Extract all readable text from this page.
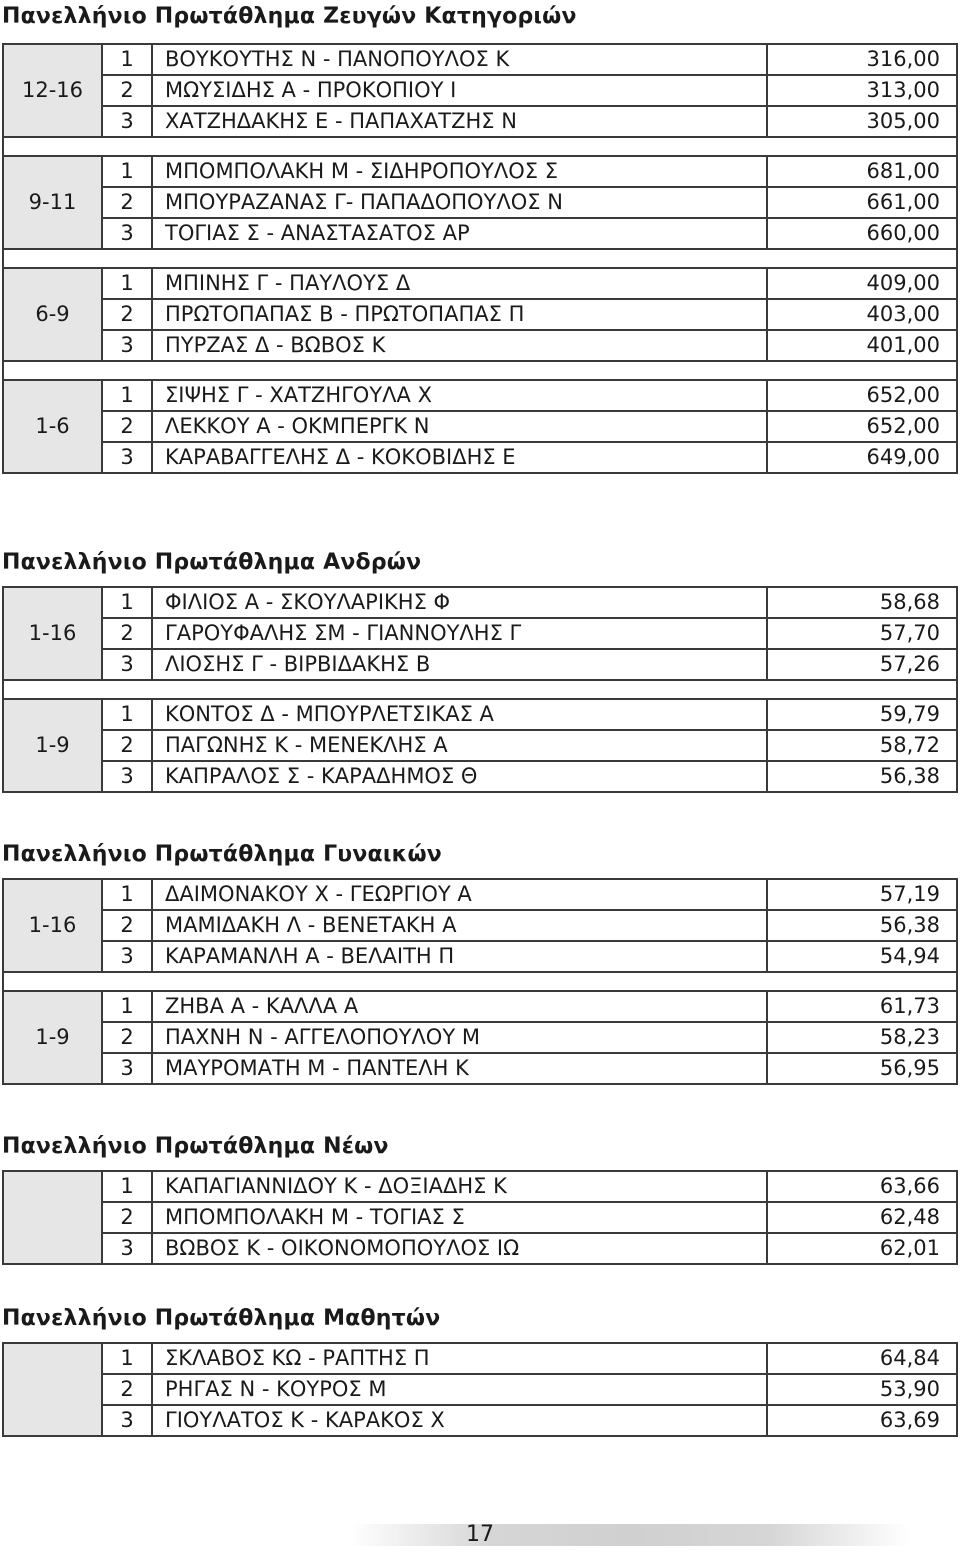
Πανελλήνιο Πρωτάθλημα Ζευγών Κατηγοριών
12-16	1	ΒΟΥΚΟΥΤΗΣ Ν - ΠΑΝΟΠΟΥΛΟΣ Κ	316,00
	2	ΜΩΥΣΙΔΗΣ Α - ΠΡΟΚΟΠΙΟΥ Ι	313,00
	3	ΧΑΤΖΗΔΑΚΗΣ Ε - ΠΑΠΑΧΑΤΖΗΣ Ν	305,00

9-11	1	ΜΠΟΜΠΟΛΑΚΗ Μ - ΣΙΔΗΡΟΠΟΥΛΟΣ Σ	681,00
	2	ΜΠΟΥΡΑΖΑΝΑΣ Γ- ΠΑΠΑΔΟΠΟΥΛΟΣ Ν	661,00
	3	ΤΟΓΙΑΣ Σ - ΑΝΑΣΤΑΣΑΤΟΣ ΑΡ	660,00

6-9	1	ΜΠΙΝΗΣ Γ - ΠΑΥΛΟΥΣ Δ	409,00
	2	ΠΡΩΤΟΠΑΠΑΣ Β - ΠΡΩΤΟΠΑΠΑΣ Π	403,00
	3	ΠΥΡΖΑΣ Δ - ΒΩΒΟΣ Κ	401,00

1-6	1	ΣΙΨΗΣ Γ - ΧΑΤΖΗΓΟΥΛΑ Χ	652,00
	2	ΛΕΚΚΟΥ Α - ΟΚΜΠΕΡΓΚ Ν	652,00
	3	ΚΑΡΑΒΑΓΓΕΛΗΣ Δ - ΚΟΚΟΒΙΔΗΣ Ε	649,00
Πανελλήνιο Πρωτάθλημα Ανδρών
1-16	1	ΦΙΛΙΟΣ Α - ΣΚΟΥΛΑΡΙΚΗΣ Φ	58,68
	2	ΓΑΡΟΥΦΑΛΗΣ ΣΜ - ΓΙΑΝΝΟΥΛΗΣ Γ	57,70
	3	ΛΙΟΣΗΣ Γ - ΒΙΡΒΙΔΑΚΗΣ Β	57,26

1-9	1	ΚΟΝΤΟΣ Δ - ΜΠΟΥΡΛΕΤΣΙΚΑΣ Α	59,79
	2	ΠΑΓΩΝΗΣ Κ - ΜΕΝΕΚΛΗΣ Α	58,72
	3	ΚΑΠΡΑΛΟΣ Σ - ΚΑΡΑΔΗΜΟΣ Θ	56,38
Πανελλήνιο Πρωτάθλημα Γυναικών
1-16	1	ΔΑΙΜΟΝΑΚΟΥ Χ - ΓΕΩΡΓΙΟΥ Α	57,19
	2	ΜΑΜΙΔΑΚΗ Λ - ΒΕΝΕΤΑΚΗ Α	56,38
	3	ΚΑΡΑΜΑΝΛΗ Α - ΒΕΛΑΙΤΗ Π	54,94

1-9	1	ΖΗΒΑ Α - ΚΑΛΛΑ Α	61,73
	2	ΠΑΧΝΗ Ν - ΑΓΓΕΛΟΠΟΥΛΟΥ Μ	58,23
	3	ΜΑΥΡΟΜΑΤΗ Μ - ΠΑΝΤΕΛΗ Κ	56,95
Πανελλήνιο Πρωτάθλημα Νέων
	1	ΚΑΠΑΓΙΑΝΝΙΔΟΥ Κ - ΔΟΞΙΑΔΗΣ Κ	63,66
	2	ΜΠΟΜΠΟΛΑΚΗ Μ - ΤΟΓΙΑΣ Σ	62,48
	3	ΒΩΒΟΣ Κ - ΟΙΚΟΝΟΜΟΠΟΥΛΟΣ ΙΩ	62,01
Πανελλήνιο Πρωτάθλημα Μαθητών
	1	ΣΚΛΑΒΟΣ ΚΩ - ΡΑΠΤΗΣ Π	64,84
	2	ΡΗΓΑΣ Ν - ΚΟΥΡΟΣ Μ	53,90
	3	ΓΙΟΥΛΑΤΟΣ Κ - ΚΑΡΑΚΟΣ Χ	63,69
17
